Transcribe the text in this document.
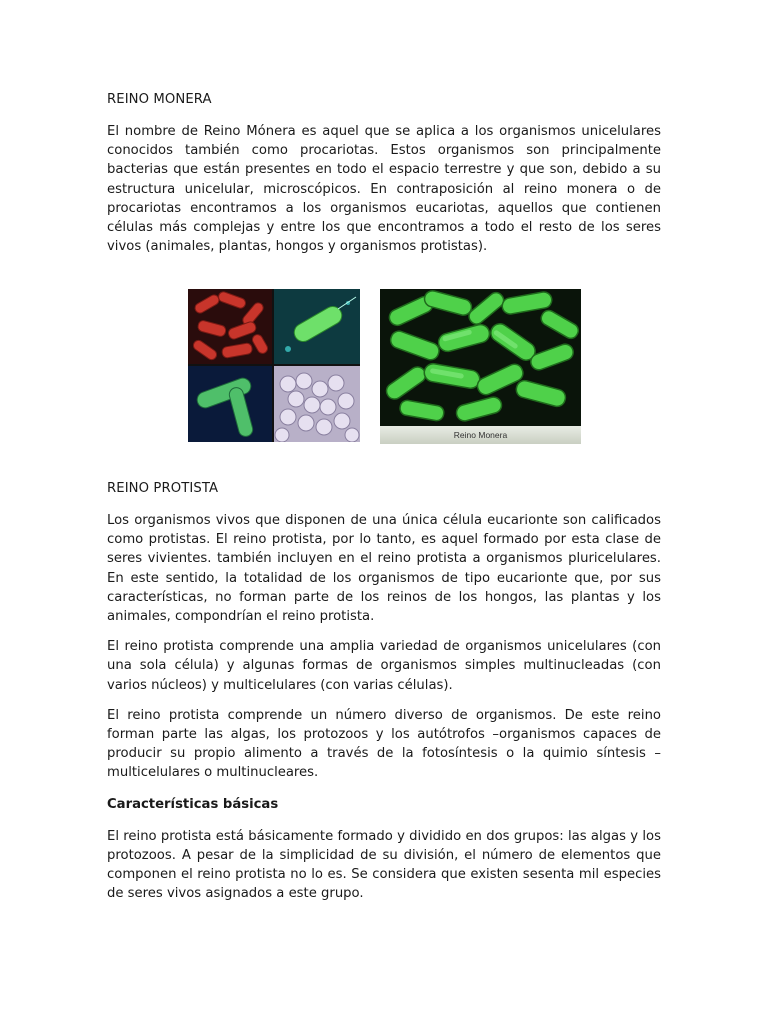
REINO MONERA

El nombre de Reino Mónera es aquel que se aplica a los organismos unicelulares conocidos también como procariotas. Estos organismos son principalmente bacterias que están presentes en todo el espacio terrestre y que son, debido a su estructura unicelular, microscópicos. En contraposición al reino monera o de procariotas encontramos a los organismos eucariotas, aquellos que contienen células más complejas y entre los que encontramos a todo el resto de los seres vivos (animales, plantas, hongos y organismos protistas).

Reino Monera
REINO PROTISTA

Los organismos vivos que disponen de una única célula eucarionte son calificados como protistas. El reino protista, por lo tanto, es aquel formado por esta clase de seres vivientes. también incluyen en el reino protista a organismos pluricelulares. En este sentido, la totalidad de los organismos de tipo eucarionte que, por sus características, no forman parte de los reinos de los hongos, las plantas y los animales, compondrían el reino protista.

El reino protista comprende una amplia variedad de organismos unicelulares (con una sola célula) y algunas formas de organismos simples multinucleadas (con varios núcleos) y multicelulares (con varias células).

El reino protista comprende un número diverso de organismos. De este reino forman parte las algas, los protozoos y los autótrofos –organismos capaces de producir su propio alimento a través de la fotosíntesis o la quimio síntesis –multicelulares o multinucleares.

Características básicas

El reino protista está básicamente formado y dividido en dos grupos: las algas y los protozoos. A pesar de la simplicidad de su división, el número de elementos que componen el reino protista no lo es. Se considera que existen sesenta mil especies de seres vivos asignados a este grupo.
